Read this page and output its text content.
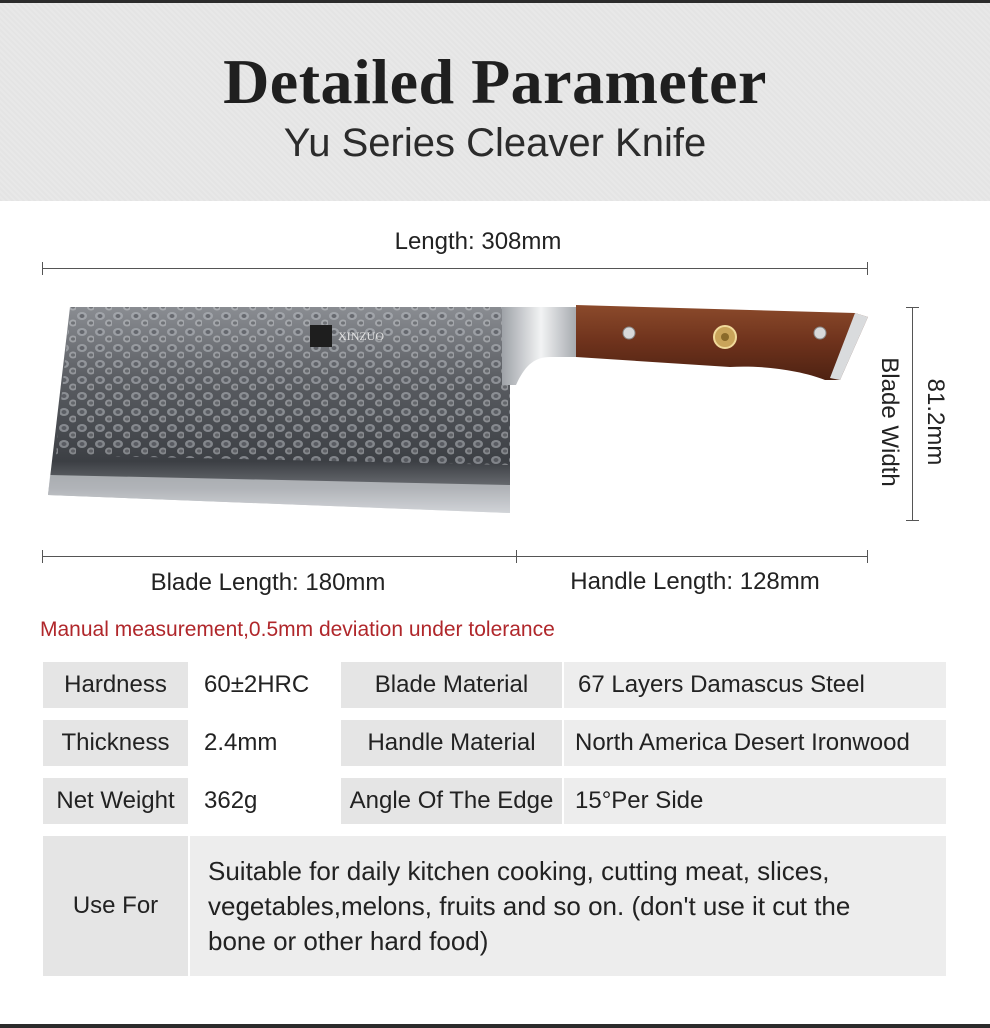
Detailed Parameter
Yu Series Cleaver Knife
Length: 308mm
XINZUO
Blade Width 81.2mm
Blade Length: 180mm	Handle Length: 128mm
Manual measurement,0.5mm deviation under tolerance
Hardness	60±2HRC	Blade Material	67 Layers Damascus Steel
Thickness	2.4mm	Handle Material	North America Desert Ironwood
Net Weight	362g	Angle Of The Edge 15°Per Side
Use For
Suitable for daily kitchen cooking, cutting meat, slices, vegetables,melons, fruits and so on. (don't use it cut the bone or other hard food)
